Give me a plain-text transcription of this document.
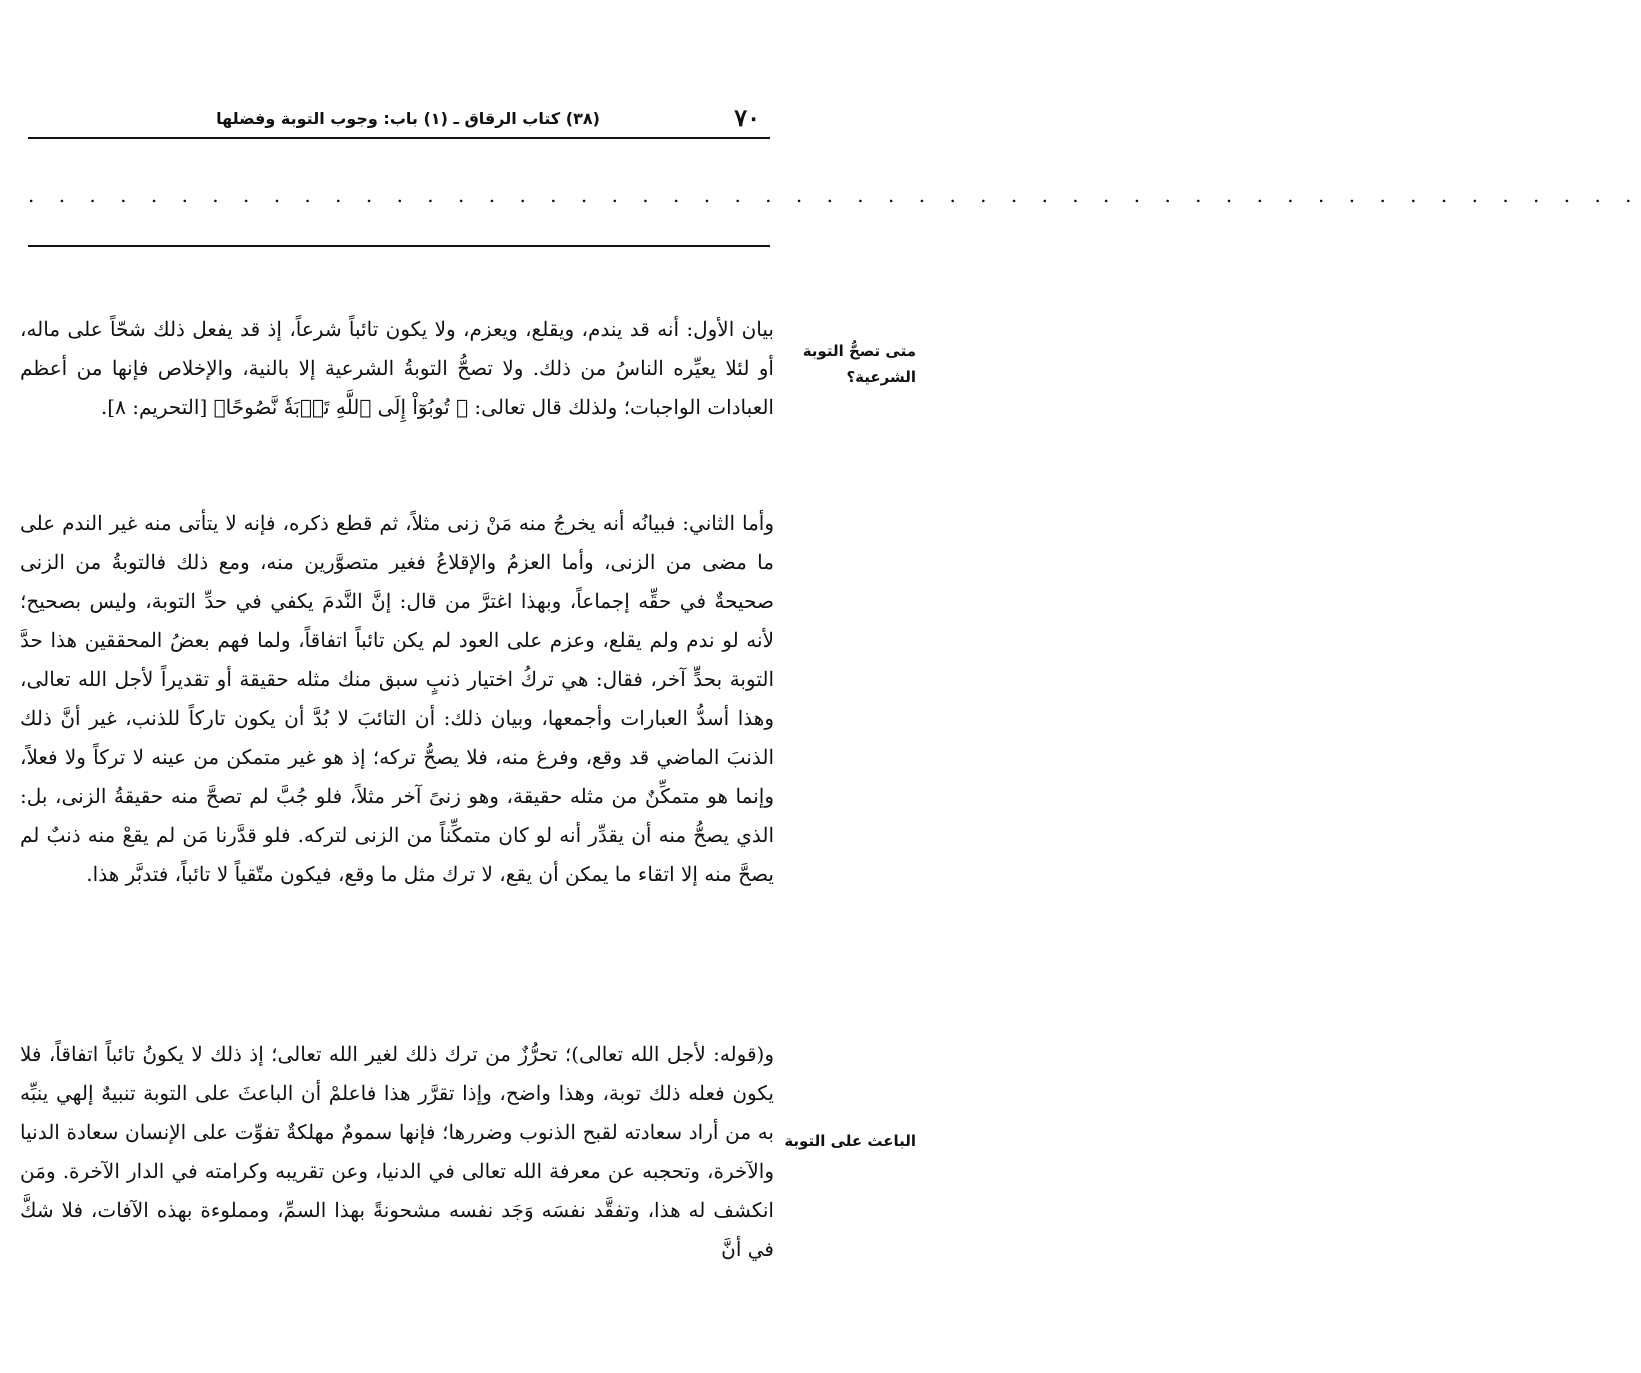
٧٠
(٣٨) كتاب الرقاق ـ (١) باب: وجوب التوبة وفضلها
. . . . . . . . . . . . . . . . . . . . . . . . . . . . . . . . . . . . . . . . . . . . . . . . . . . . .
متى تصحُّ التوبة الشرعية؟
الباعث على التوبة

بيان الأول: أنه قد يندم، ويقلع، ويعزم، ولا يكون تائباً شرعاً، إذ قد يفعل ذلك شحّاً على ماله، أو لئلا يعيِّره الناسُ من ذلك. ولا تصحُّ التوبةُ الشرعية إلا بالنية، والإخلاص فإنها من أعظم العبادات الواجبات؛ ولذلك قال تعالى: ﴿ تُوبُوٓاْ إِلَى ٱللَّهِ تَوۡبَةٗ نَّصُوحًا﴾ [التحريم: ٨].

وأما الثاني: فبيانُه أنه يخرجُ منه مَنْ زنى مثلاً، ثم قطع ذكره، فإنه لا يتأتى منه غير الندم على ما مضى من الزنى، وأما العزمُ والإقلاعُ فغير متصوَّرين منه، ومع ذلك فالتوبةُ من الزنى صحيحةٌ في حقِّه إجماعاً، وبهذا اغترَّ من قال: إنَّ النَّدمَ يكفي في حدِّ التوبة، وليس بصحيح؛ لأنه لو ندم ولم يقلع، وعزم على العود لم يكن تائباً اتفاقاً، ولما فهم بعضُ المحققين هذا حدَّ التوبة بحدٍّ آخر، فقال: هي تركُ اختيار ذنبٍ سبق منك مثله حقيقة أو تقديراً لأجل الله تعالى، وهذا أسدُّ العبارات وأجمعها، وبيان ذلك: أن التائبَ لا بُدَّ أن يكون تاركاً للذنب، غير أنَّ ذلك الذنبَ الماضي قد وقع، وفرغ منه، فلا يصحُّ تركه؛ إذ هو غير متمكن من عينه لا تركاً ولا فعلاً، وإنما هو متمكِّنٌ من مثله حقيقة، وهو زنىً آخر مثلاً، فلو جُبَّ لم تصحَّ منه حقيقةُ الزنى، بل: الذي يصحُّ منه أن يقدِّر أنه لو كان متمكِّناً من الزنى لتركه. فلو قدَّرنا مَن لم يقعْ منه ذنبٌ لم يصحَّ منه إلا اتقاء ما يمكن أن يقع، لا ترك مثل ما وقع، فيكون متّقياً لا تائباً، فتدبَّر هذا.

و(قوله: لأجل الله تعالى)؛ تحرُّزٌ من ترك ذلك لغير الله تعالى؛ إذ ذلك لا يكونُ تائباً اتفاقاً، فلا يكون فعله ذلك توبة، وهذا واضح، وإذا تقرَّر هذا فاعلمْ أن الباعثَ على التوبة تنبيهٌ إلهي ينبِّه به من أراد سعادته لقبح الذنوب وضررها؛ فإنها سمومٌ مهلكةٌ تفوِّت على الإنسان سعادة الدنيا والآخرة، وتحجبه عن معرفة الله تعالى في الدنيا، وعن تقريبه وكرامته في الدار الآخرة. ومَن انكشف له هذا، وتفقَّد نفسَه وَجَد نفسه مشحونةً بهذا السمِّ، ومملوءة بهذه الآفات، فلا شكَّ في أنَّ
